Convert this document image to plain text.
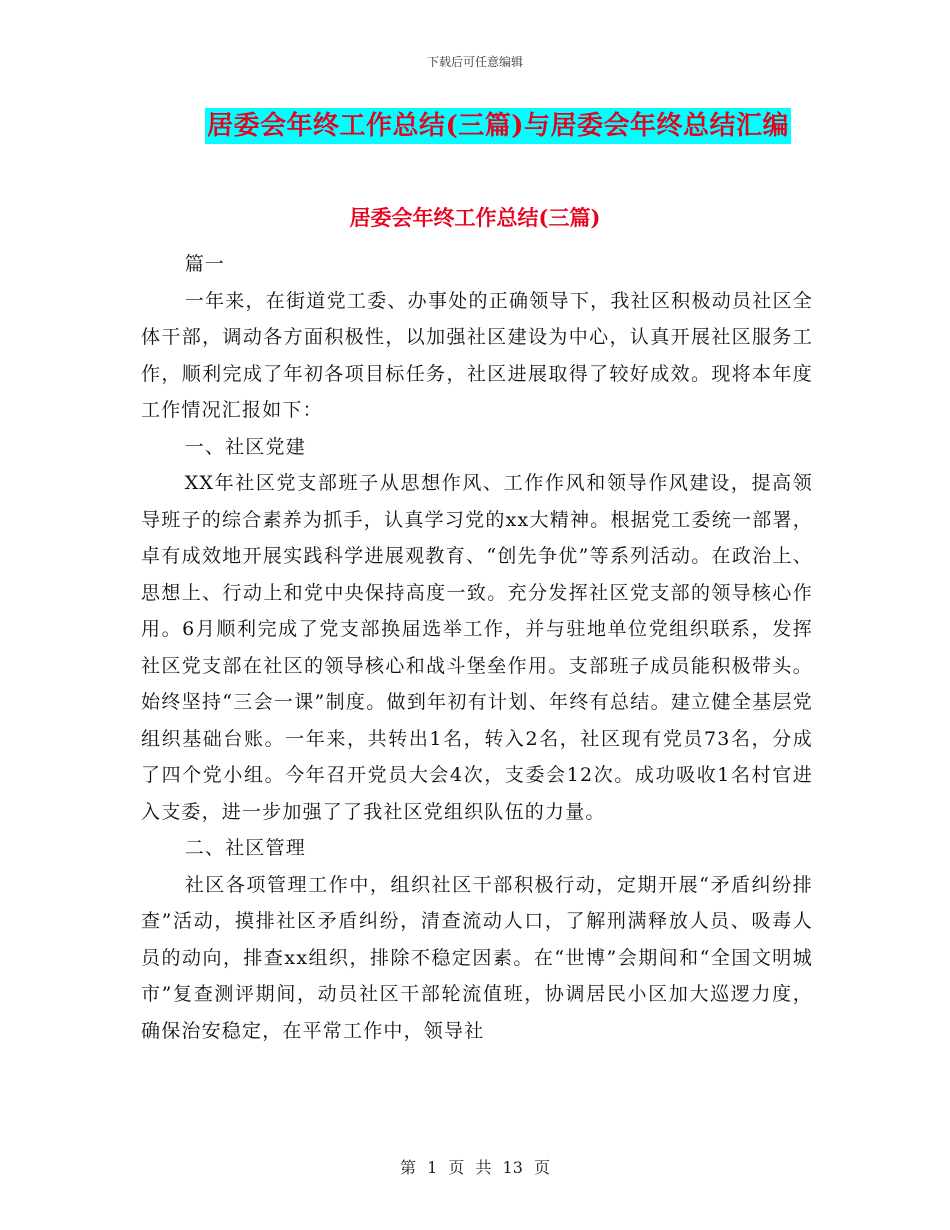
下载后可任意编辑
居委会年终工作总结(三篇)与居委会年终总结汇编
居委会年终工作总结(三篇)

篇一

一年来，在街道党工委、办事处的正确领导下，我社区积极动员社区全体干部，调动各方面积极性，以加强社区建设为中心，认真开展社区服务工作，顺利完成了年初各项目标任务，社区进展取得了较好成效。现将本年度工作情况汇报如下：

一、社区党建

XX年社区党支部班子从思想作风、工作作风和领导作风建设，提高领导班子的综合素养为抓手，认真学习党的xx大精神。根据党工委统一部署，卓有成效地开展实践科学进展观教育、“创先争优”等系列活动。在政治上、思想上、行动上和党中央保持高度一致。充分发挥社区党支部的领导核心作用。6月顺利完成了党支部换届选举工作，并与驻地单位党组织联系，发挥社区党支部在社区的领导核心和战斗堡垒作用。支部班子成员能积极带头。始终坚持“三会一课”制度。做到年初有计划、年终有总结。建立健全基层党组织基础台账。一年来，共转出1名，转入2名，社区现有党员73名，分成了四个党小组。今年召开党员大会4次，支委会12次。成功吸收1名村官进入支委，进一步加强了了我社区党组织队伍的力量。

二、社区管理

社区各项管理工作中，组织社区干部积极行动，定期开展“矛盾纠纷排查”活动，摸排社区矛盾纠纷，清查流动人口，了解刑满释放人员、吸毒人员的动向，排查xx组织，排除不稳定因素。在“世博”会期间和“全国文明城市”复查测评期间，动员社区干部轮流值班，协调居民小区加大巡逻力度，确保治安稳定，在平常工作中，领导社

第 1 页 共 13 页
